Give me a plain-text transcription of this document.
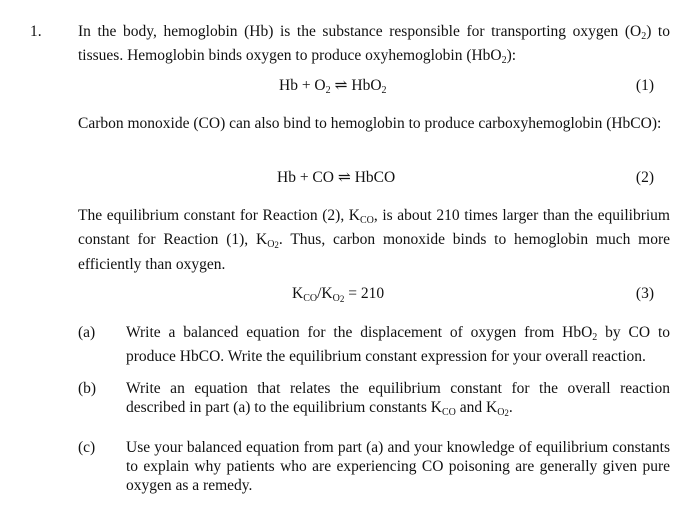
1. In the body, hemoglobin (Hb) is the substance responsible for transporting oxygen $(O_2)$ to tissues. Hemoglobin binds oxygen to produce oxyhemoglobin (HbO$_2$):
$Hb + O_2$ ⇌ HbO$_2$	(1)
Carbon monoxide (CO) can also bind to hemoglobin to produce carboxyhemoglobin (HbCO):
Hb + CO ⇌ HbCO	(2)
The equilibrium constant for Reaction (2), $K_{CO}$, is about 210 times larger than the equilibrium constant for Reaction (1), $K_{O2}$. Thus, carbon monoxide binds to hemoglobin much more efficiently than oxygen.
$K_{CO}/K_{O2} = 210$	(3)
(a) Write a balanced equation for the displacement of oxygen from HbO$_2$ by CO to produce HbCO. Write the equilibrium constant expression for your overall reaction.
(b) Write an equation that relates the equilibrium constant for the overall reaction described in part (a) to the equilibrium constants $K_{CO}$ and $K_{O2}$.
(c) Use your balanced equation from part (a) and your knowledge of equilibrium constants to explain why patients who are experiencing CO poisoning are generally given pure oxygen as a remedy.
